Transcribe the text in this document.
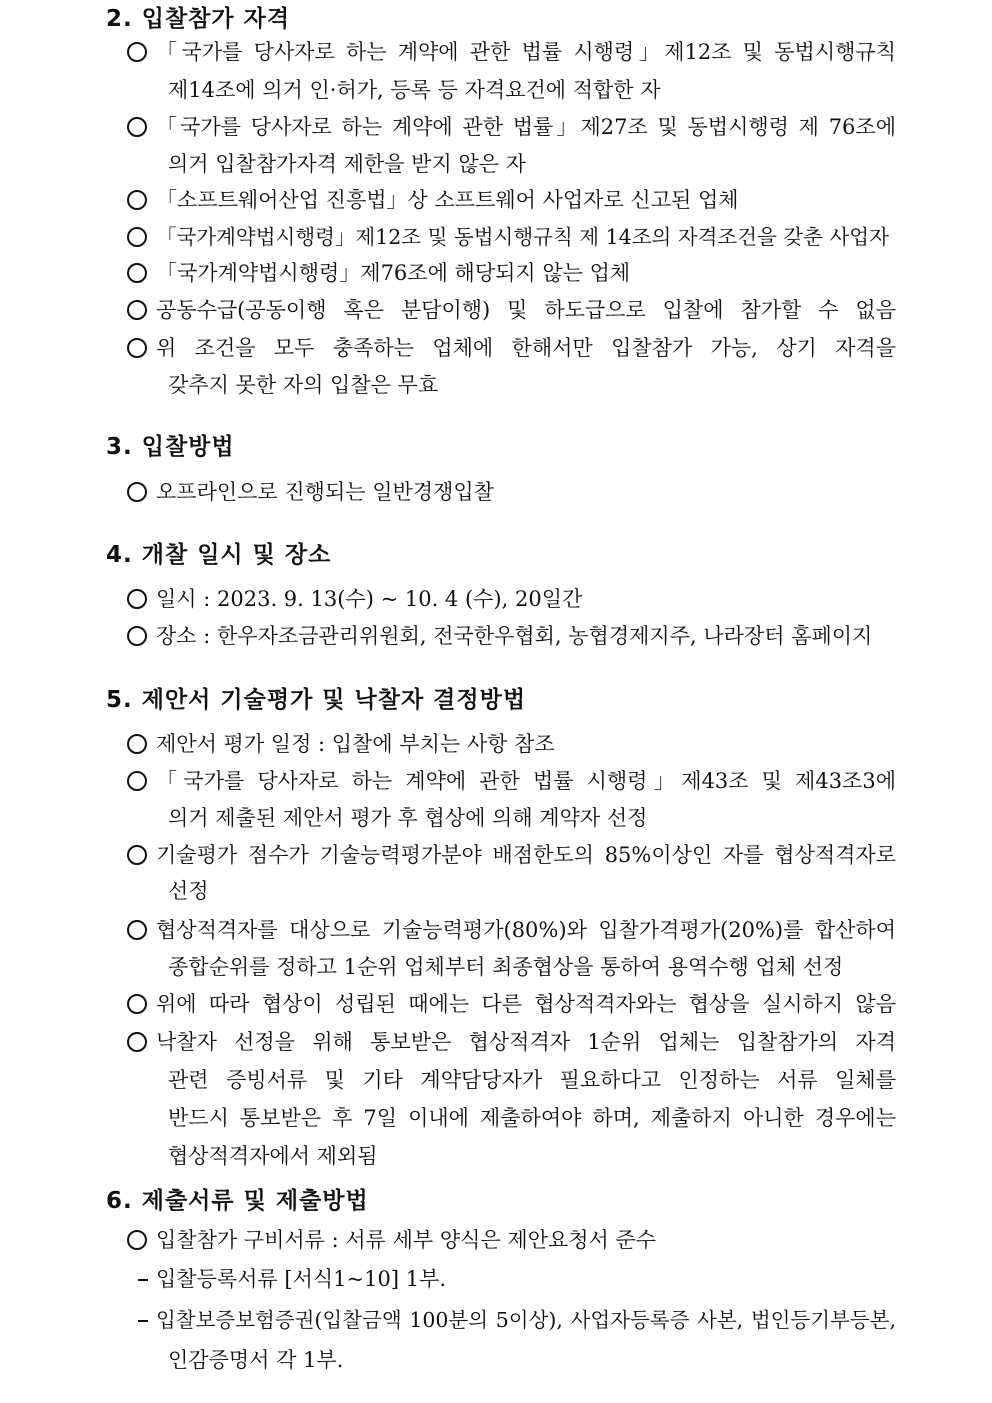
2. 입찰참가 자격
「국가를 당사자로 하는 계약에 관한 법률 시행령」제12조 및 동법시행규칙
제14조에 의거 인·허가, 등록 등 자격요건에 적합한 자
「국가를 당사자로 하는 계약에 관한 법률」제27조 및 동법시행령 제 76조에
의거 입찰참가자격 제한을 받지 않은 자
「소프트웨어산업 진흥법」상 소프트웨어 사업자로 신고된 업체
「국가계약법시행령」제12조 및 동법시행규칙 제 14조의 자격조건을 갖춘 사업자
「국가계약법시행령」제76조에 해당되지 않는 업체
공동수급(공동이행 혹은 분담이행) 및 하도급으로 입찰에 참가할 수 없음
위 조건을 모두 충족하는 업체에 한해서만 입찰참가 가능, 상기 자격을
갖추지 못한 자의 입찰은 무효
3. 입찰방법
오프라인으로 진행되는 일반경쟁입찰
4. 개찰 일시 및 장소
일시 : 2023. 9. 13(수) ~ 10. 4 (수), 20일간
장소 : 한우자조금관리위원회, 전국한우협회, 농협경제지주, 나라장터 홈페이지
5. 제안서 기술평가 및 낙찰자 결정방법
제안서 평가 일정 : 입찰에 부치는 사항 참조
「국가를 당사자로 하는 계약에 관한 법률 시행령」제43조 및 제43조3에
의거 제출된 제안서 평가 후 협상에 의해 계약자 선정
기술평가 점수가 기술능력평가분야 배점한도의 85%이상인 자를 협상적격자로
선정
협상적격자를 대상으로 기술능력평가(80%)와 입찰가격평가(20%)를 합산하여
종합순위를 정하고 1순위 업체부터 최종협상을 통하여 용역수행 업체 선정
위에 따라 협상이 성립된 때에는 다른 협상적격자와는 협상을 실시하지 않음
낙찰자 선정을 위해 통보받은 협상적격자 1순위 업체는 입찰참가의 자격
관련 증빙서류 및 기타 계약담당자가 필요하다고 인정하는 서류 일체를
반드시 통보받은 후 7일 이내에 제출하여야 하며, 제출하지 아니한 경우에는
협상적격자에서 제외됨
6. 제출서류 및 제출방법
입찰참가 구비서류 : 서류 세부 양식은 제안요청서 준수
입찰등록서류 [서식1~10] 1부.
입찰보증보험증권(입찰금액 100분의 5이상), 사업자등록증 사본, 법인등기부등본,
인감증명서 각 1부.
